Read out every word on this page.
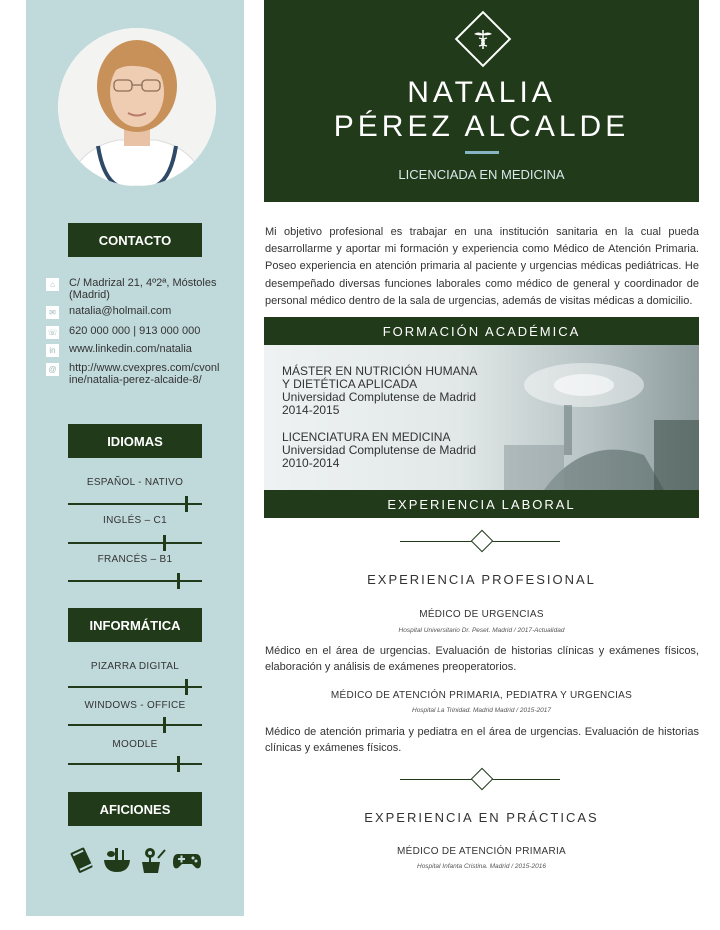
CONTACTO
⌂	C/ Madrizal 21, 4º2ª, Móstoles (Madrid)
✉ natalia@holmail.com
☏ 620 000 000 | 913 000 000
in	www.linkedin.com/natalia
@ http://www.cvexpres.com/cvonline/natalia-perez-alcaide-8/
IDIOMAS
ESPAÑOL - NATIVO
INGLÉS – C1
FRANCÉS – B1
INFORMÁTICA
PIZARRA DIGITAL
WINDOWS - OFFICE
MOODLE
AFICIONES
NATALIA
PÉREZ ALCALDE
LICENCIADA EN MEDICINA
Mi objetivo profesional es trabajar en una institución sanitaria en la cual pueda desarrollarme y aportar mi formación y experiencia como Médico de Atención Primaria. Poseo experiencia en atención primaria al paciente y urgencias médicas pediátricas. He desempeñado diversas funciones laborales como médico de general y coordinador de personal médico dentro de la sala de urgencias, además de visitas médicas a domicilio.
FORMACIÓN ACADÉMICA
MÁSTER EN NUTRICIÓN HUMANA
Y DIETÉTICA APLICADA
Universidad Complutense de Madrid
2014-2015
LICENCIATURA EN MEDICINA
Universidad Complutense de Madrid
2010-2014
EXPERIENCIA LABORAL
EXPERIENCIA PROFESIONAL
MÉDICO DE URGENCIAS
Hospital Universitario Dr. Peset. Madrid / 2017-Actualidad
Médico en el área de urgencias. Evaluación de historias clínicas y exámenes físicos, elaboración y análisis de exámenes preoperatorios.
MÉDICO DE ATENCIÓN PRIMARIA, PEDIATRA Y URGENCIAS
Hospital La Trinidad. Madrid Madrid / 2015-2017
Médico de atención primaria y pediatra en el área de urgencias. Evaluación de historias clínicas y exámenes físicos.
EXPERIENCIA EN PRÁCTICAS
MÉDICO DE ATENCIÓN PRIMARIA
Hospital Infanta Cristina. Madrid / 2015-2016
